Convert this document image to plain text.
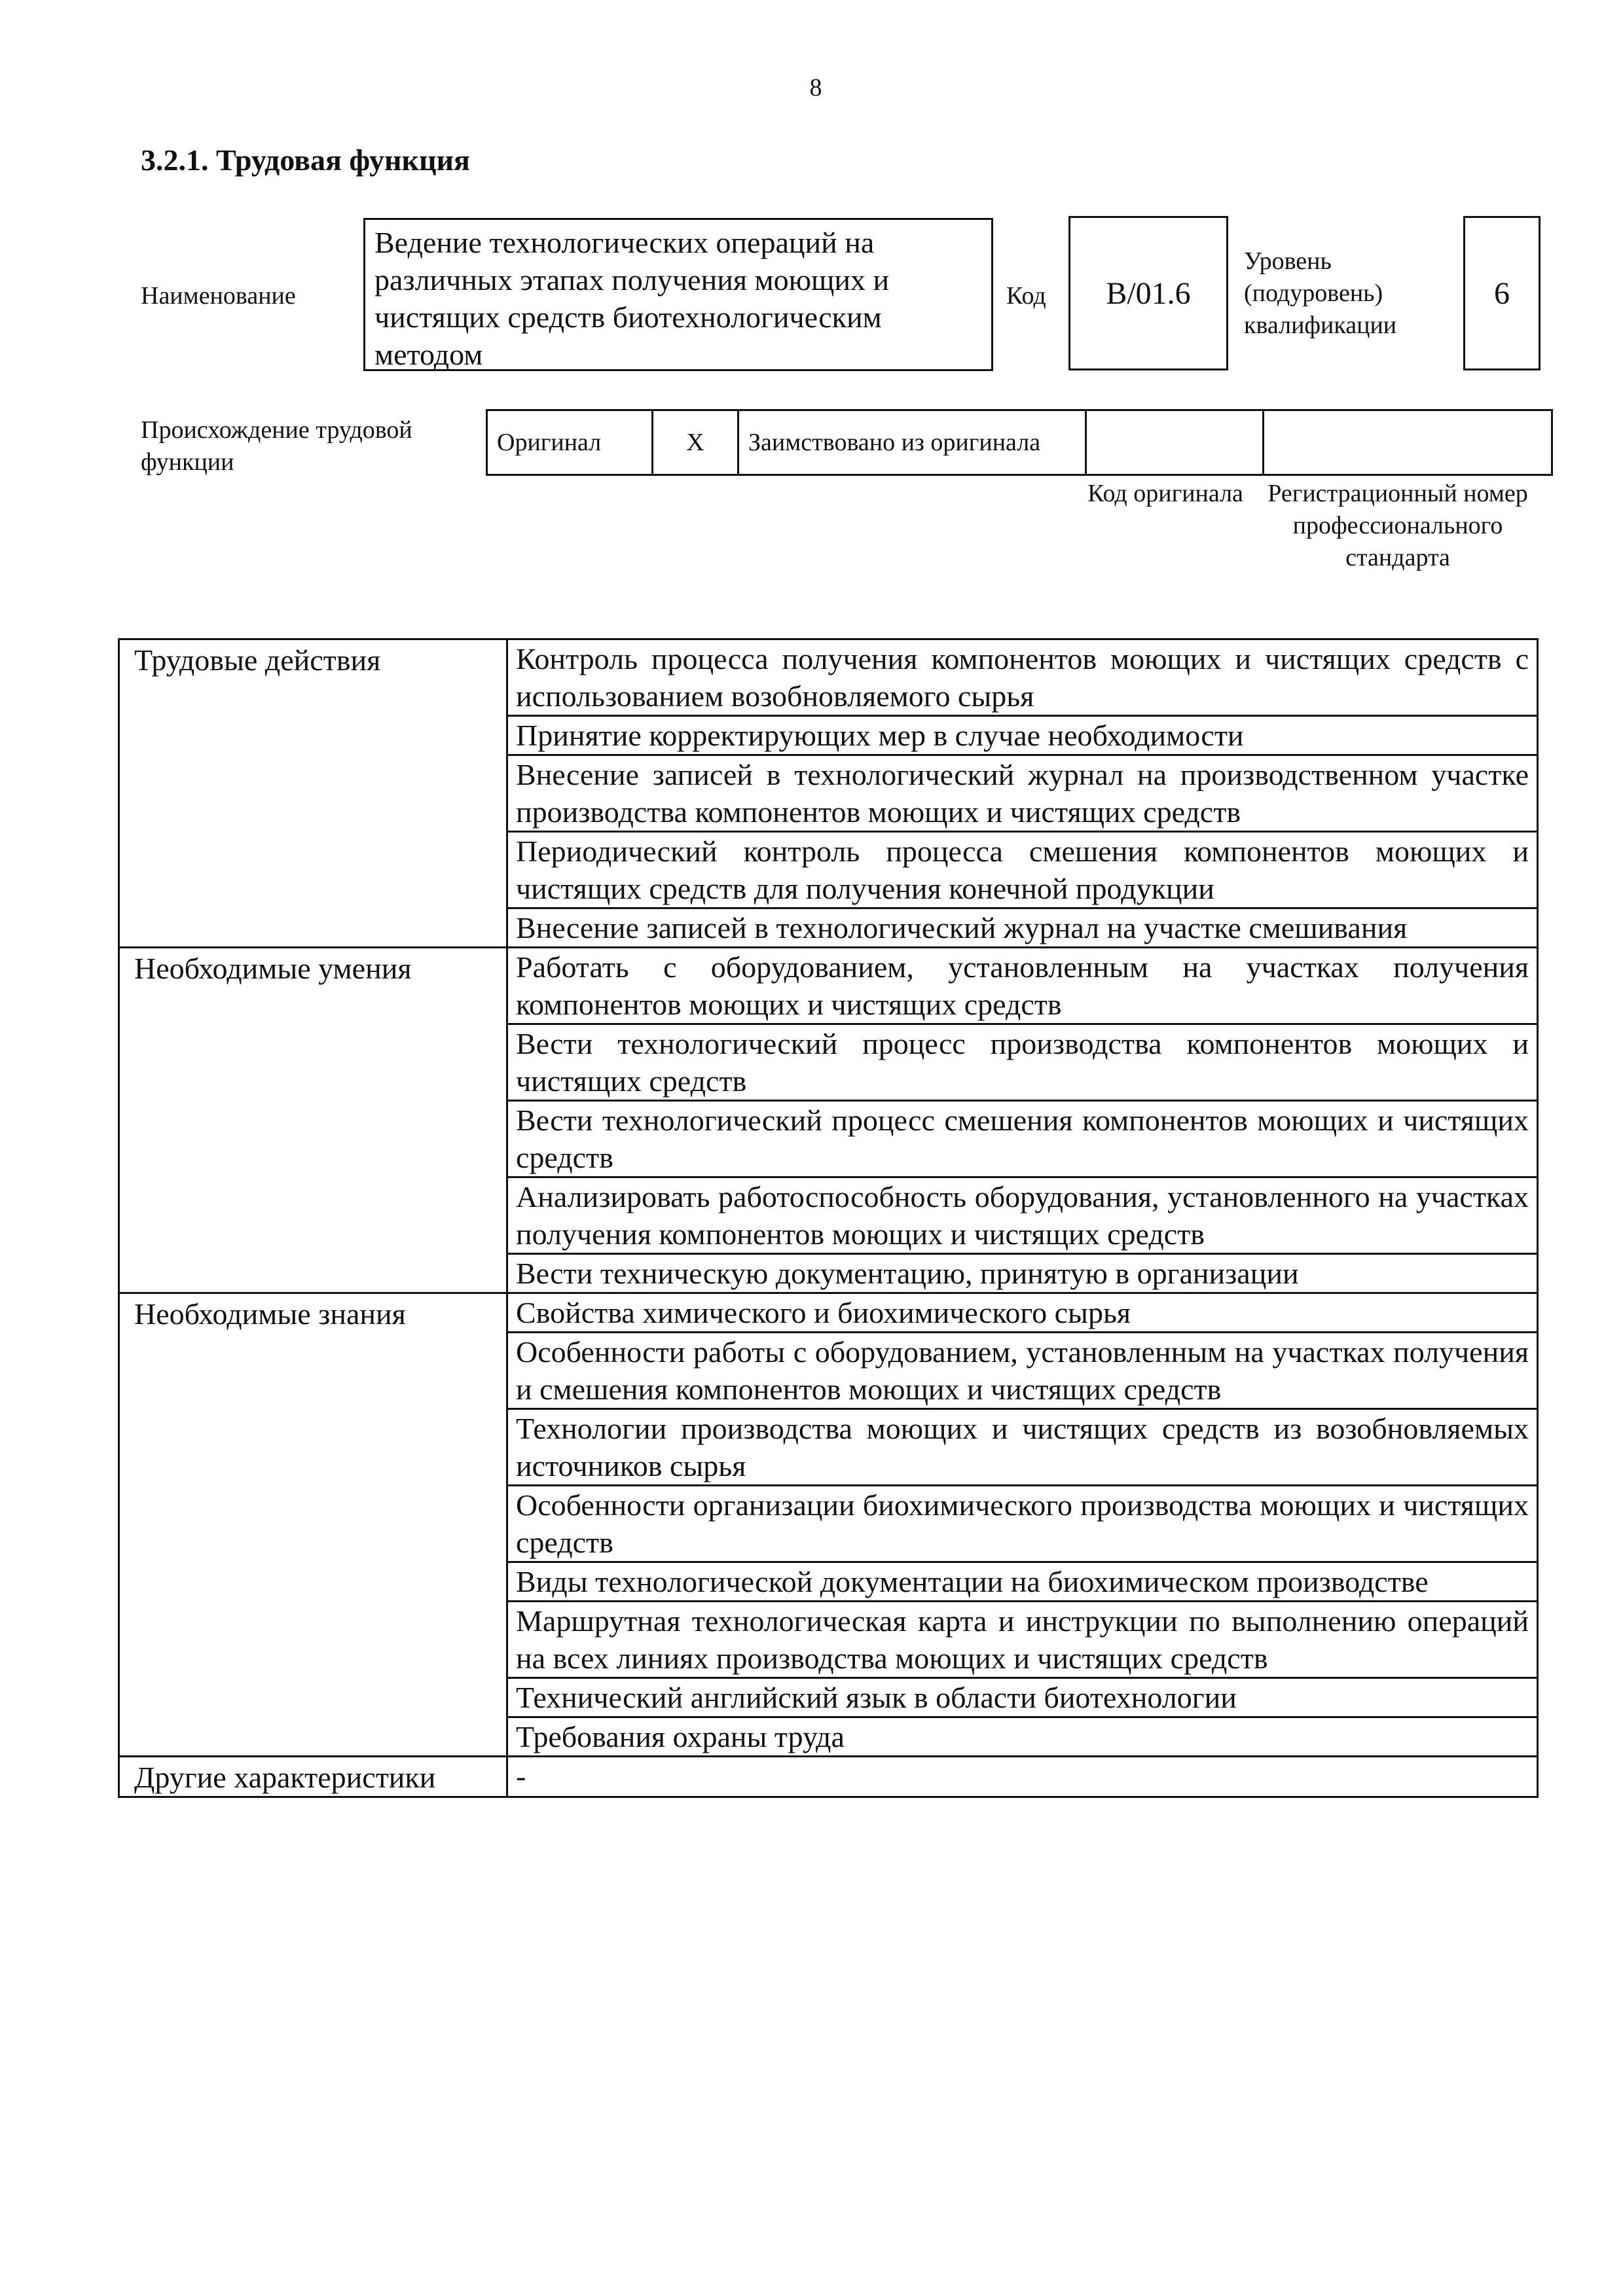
8
3.2.1. Трудовая функция
Наименование
Ведение технологических операций на различных этапах получения моющих и чистящих средств биотехнологическим методом
Код	B/01.6
Уровень (подуровень) квалификации
6
Происхождение трудовой функции
Оригинал	X	Заимствовано из оригинала		
Код оригинала Регистрационный номер профессионального стандарта
Трудовые действия	Контроль процесса получения компонентов моющих и чистящих средств с использованием возобновляемого сырья
	Принятие корректирующих мер в случае необходимости
	Внесение записей в технологический журнал на производственном участке производства компонентов моющих и чистящих средств
	Периодический контроль процесса смешения компонентов моющих и чистящих средств для получения конечной продукции
	Внесение записей в технологический журнал на участке смешивания
Необходимые умения	Работать с оборудованием, установленным на участках получения компонентов моющих и чистящих средств
	Вести технологический процесс производства компонентов моющих и чистящих средств
	Вести технологический процесс смешения компонентов моющих и чистящих средств
	Анализировать работоспособность оборудования, установленного на участках получения компонентов моющих и чистящих средств
	Вести техническую документацию, принятую в организации
Необходимые знания	Свойства химического и биохимического сырья
	Особенности работы с оборудованием, установленным на участках получения и смешения компонентов моющих и чистящих средств
	Технологии производства моющих и чистящих средств из возобновляемых источников сырья
	Особенности организации биохимического производства моющих и чистящих средств
	Виды технологической документации на биохимическом производстве
	Маршрутная технологическая карта и инструкции по выполнению операций на всех линиях производства моющих и чистящих средств
	Технический английский язык в области биотехнологии
	Требования охраны труда
Другие характеристики	-
